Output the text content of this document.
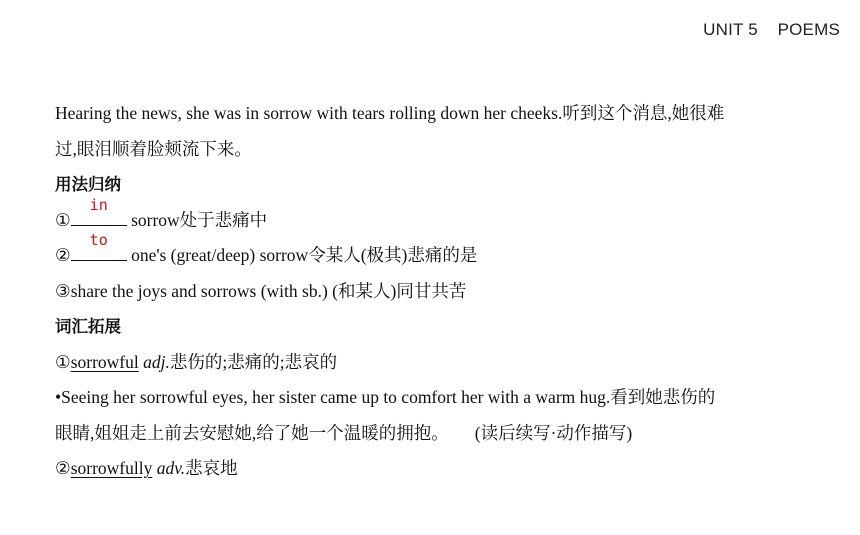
UNIT 5 POEMS
Hearing the news, she was in sorrow with tears rolling down her cheeks.听到这个消息,她很难
过,眼泪顺着脸颊流下来。
用法归纳
①
in
sorrow处于悲痛中
②
to
one's (great/deep) sorrow令某人(极其)悲痛的是
③share the joys and sorrows (with sb.) (和某人)同甘共苦
词汇拓展
①sorrowful adj.悲伤的;悲痛的;悲哀的
•Seeing her sorrowful eyes, her sister came up to comfort her with a warm hug.看到她悲伤的
眼睛,姐姐走上前去安慰她,给了她一个温暖的拥抱。 (读后续写·动作描写)
②sorrowfully adv.悲哀地
